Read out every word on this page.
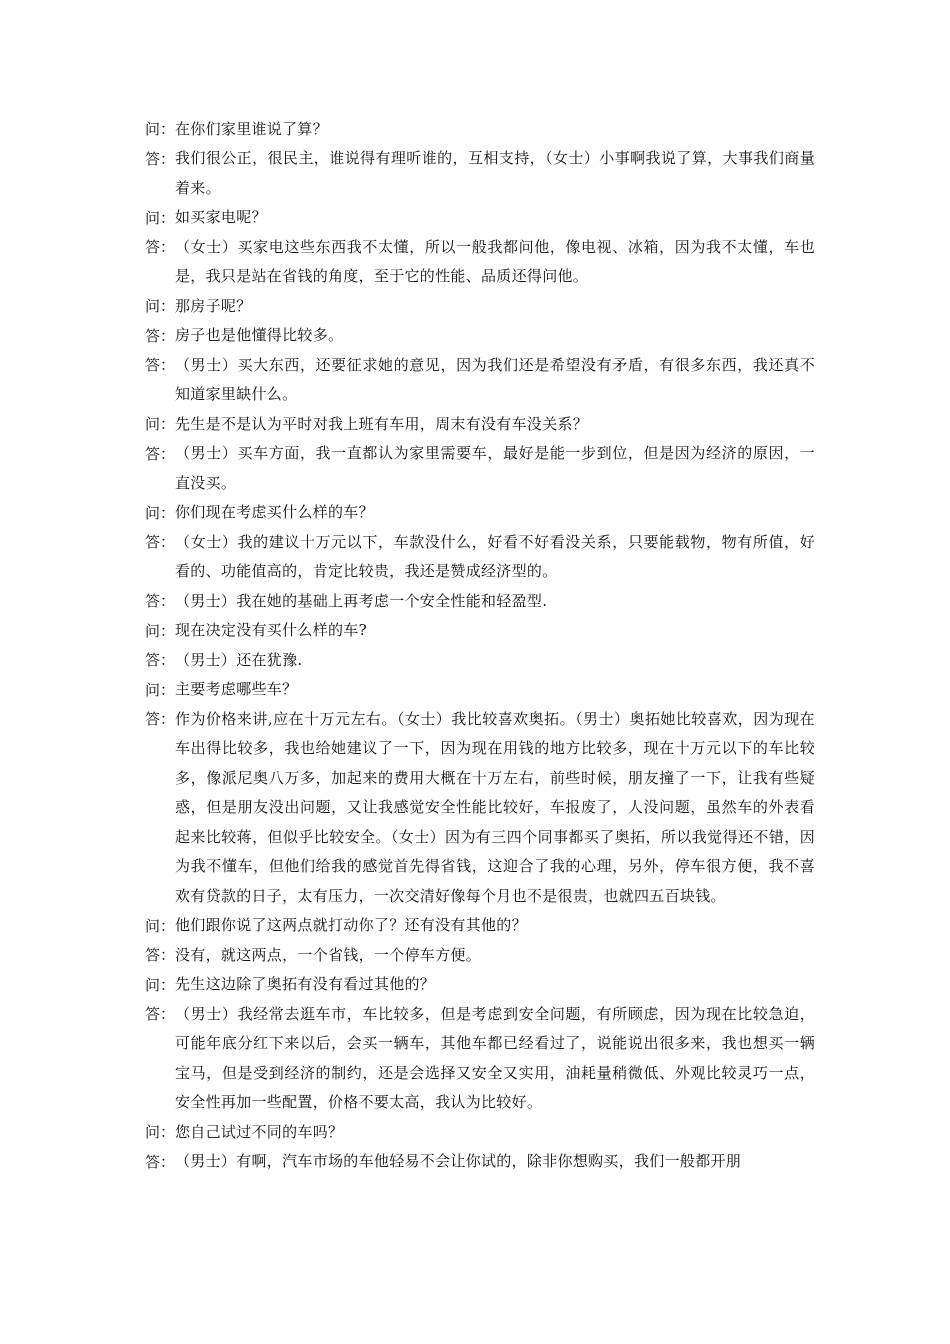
问： 在你们家里谁说了算？
答： 我们很公正，很民主，谁说得有理听谁的，互相支持，（女士）小事啊我说了算，大事我们商量着来。
问： 如买家电呢？
答： （女士）买家电这些东西我不太懂，所以一般我都问他，像电视、冰箱，因为我不太懂，车也是，我只是站在省钱的角度，至于它的性能、品质还得问他。
问： 那房子呢？
答： 房子也是他懂得比较多。
答： （男士）买大东西，还要征求她的意见，因为我们还是希望没有矛盾，有很多东西，我还真不知道家里缺什么。
问： 先生是不是认为平时对我上班有车用，周末有没有车没关系？
答： （男士）买车方面，我一直都认为家里需要车，最好是能一步到位，但是因为经济的原因，一直没买。
问： 你们现在考虑买什么样的车？
答： （女士）我的建议十万元以下，车款没什么，好看不好看没关系，只要能载物，物有所值，好看的、功能值高的，肯定比较贵，我还是赞成经济型的。
答： （男士）我在她的基础上再考虑一个安全性能和轻盈型.
问： 现在决定没有买什么样的车?
答： （男士）还在犹豫.
问： 主要考虑哪些车？
答： 作为价格来讲,应在十万元左右。（女士）我比较喜欢奥拓。（男士）奥拓她比较喜欢，因为现在车出得比较多，我也给她建议了一下，因为现在用钱的地方比较多，现在十万元以下的车比较多，像派尼奥八万多，加起来的费用大概在十万左右，前些时候，朋友撞了一下，让我有些疑惑，但是朋友没出问题，又让我感觉安全性能比较好，车报废了，人没问题，虽然车的外表看起来比较蒋，但似乎比较安全。（女士）因为有三四个同事都买了奥拓，所以我觉得还不错，因为我不懂车，但他们给我的感觉首先得省钱，这迎合了我的心理，另外，停车很方便，我不喜欢有贷款的日子，太有压力，一次交清好像每个月也不是很贵，也就四五百块钱。
问： 他们跟你说了这两点就打动你了？还有没有其他的？
答： 没有，就这两点，一个省钱，一个停车方便。
问： 先生这边除了奥拓有没有看过其他的？
答： （男士）我经常去逛车市，车比较多，但是考虑到安全问题，有所顾虑，因为现在比较急迫，可能年底分红下来以后，会买一辆车，其他车都已经看过了，说能说出很多来，我也想买一辆宝马，但是受到经济的制约，还是会选择又安全又实用，油耗量稍微低、外观比较灵巧一点，安全性再加一些配置，价格不要太高，我认为比较好。
问： 您自己试过不同的车吗？
答： （男士）有啊，汽车市场的车他轻易不会让你试的，除非你想购买，我们一般都开朋
